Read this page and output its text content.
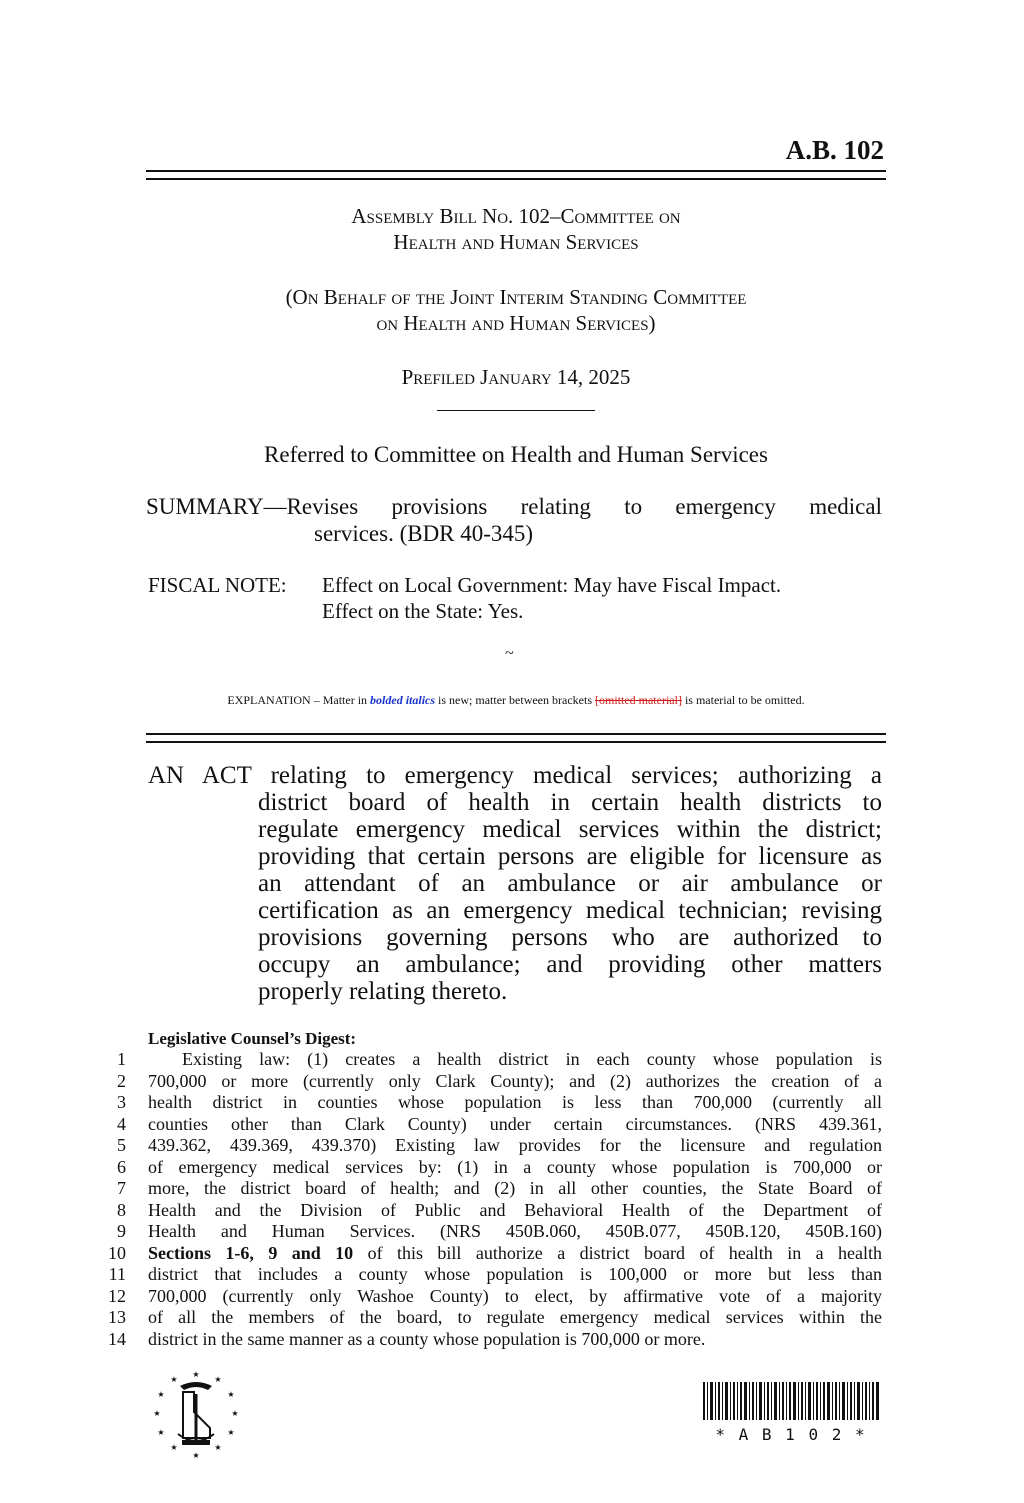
A.B. 102
Assembly Bill No. 102–Committee on
Health and Human Services
(On Behalf of the Joint Interim Standing Committee
on Health and Human Services)
Prefiled January 14, 2025
Referred to Committee on Health and Human Services
SUMMARY—Revises provisions relating to emergency medical
services. (BDR 40-345)
FISCAL NOTE: Effect on Local Government: May have Fiscal Impact.
Effect on the State: Yes.
~
EXPLANATION – Matter in bolded italics is new; matter between brackets [omitted material] is material to be omitted.
AN ACT relating to emergency medical services; authorizing a
district board of health in certain health districts to
regulate emergency medical services within the district;
providing that certain persons are eligible for licensure as
an attendant of an ambulance or air ambulance or
certification as an emergency medical technician; revising
provisions governing persons who are authorized to
occupy an ambulance; and providing other matters
properly relating thereto.
Legislative Counsel’s Digest:
1	Existing law: (1) creates a health district in each county whose population is
2 700,000 or more (currently only Clark County); and (2) authorizes the creation of a
3 health district in counties whose population is less than 700,000 (currently all
4 counties other than Clark County) under certain circumstances. (NRS 439.361,
5 439.362, 439.369, 439.370) Existing law provides for the licensure and regulation
6 of emergency medical services by: (1) in a county whose population is 700,000 or
7 more, the district board of health; and (2) in all other counties, the State Board of
8 Health and the Division of Public and Behavioral Health of the Department of
9 Health and Human Services. (NRS 450B.060, 450B.077, 450B.120, 450B.160)
10 Sections 1-6, 9 and 10 of this bill authorize a district board of health in a health
11 district that includes a county whose population is 100,000 or more but less than
12 700,000 (currently only Washoe County) to elect, by affirmative vote of a majority
13 of all the members of the board, to regulate emergency medical services within the
14 district in the same manner as a county whose population is 700,000 or more.
★
★	★
★	★
★	★
★	★
★	★
★
* A B 1 0 2 *
